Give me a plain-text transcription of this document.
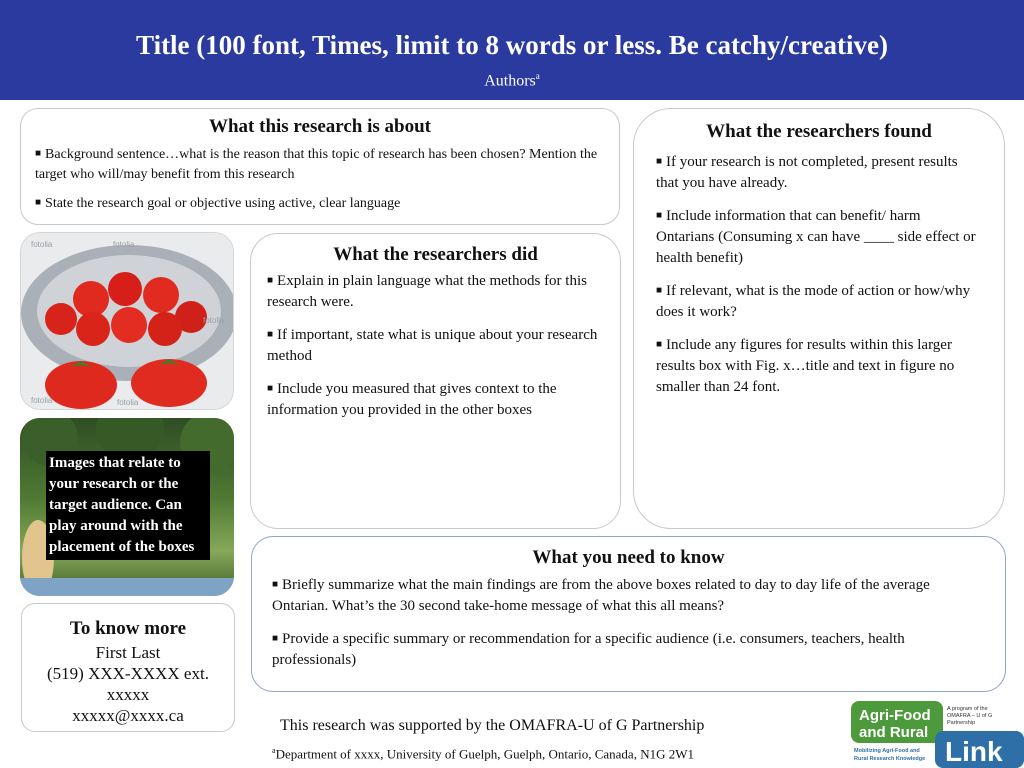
Title (100 font, Times, limit to 8 words or less. Be catchy/creative)
Authors$^a$
What this research is about

■ Background sentence…what is the reason that this topic of research has been chosen? Mention the target who will/may benefit from this research

■ State the research goal or objective using active, clear language

fotolia	fotolia
fotolia
fotolia	fotolia
Images that relate to your research or the target audience. Can play around with the placement of the boxes
What the researchers did

■ Explain in plain language what the methods for this research were.

■ If important, state what is unique about your research method

■ Include you measured that gives context to the information you provided in the other boxes

What the researchers found

■ If your research is not completed, present results that you have already.

■ Include information that can benefit/ harm Ontarians (Consuming x can have ____ side effect or health benefit)

■ If relevant, what is the mode of action or how/why does it work?

■ Include any figures for results within this larger results box with Fig. x…title and text in figure no smaller than 24 font.

What you need to know

■ Briefly summarize what the main findings are from the above boxes related to day to day life of the average Ontarian. What’s the 30 second take-home message of what this all means?

■ Provide a specific summary or recommendation for a specific audience (i.e. consumers, teachers, health professionals)

To know more
First Last
(519) XXX-XXXX ext. xxxxx
xxxxx@xxxx.ca
This research was supported by the OMAFRA-U of G Partnership
$^a$Department of xxxx, University of Guelph, Guelph, Ontario, Canada, N1G 2W1
Agri-Food
and Rural
A program of the
OMAFRA – U of G
Partnership
Mobilizing Agri-Food and
Rural Research Knowledge Link
